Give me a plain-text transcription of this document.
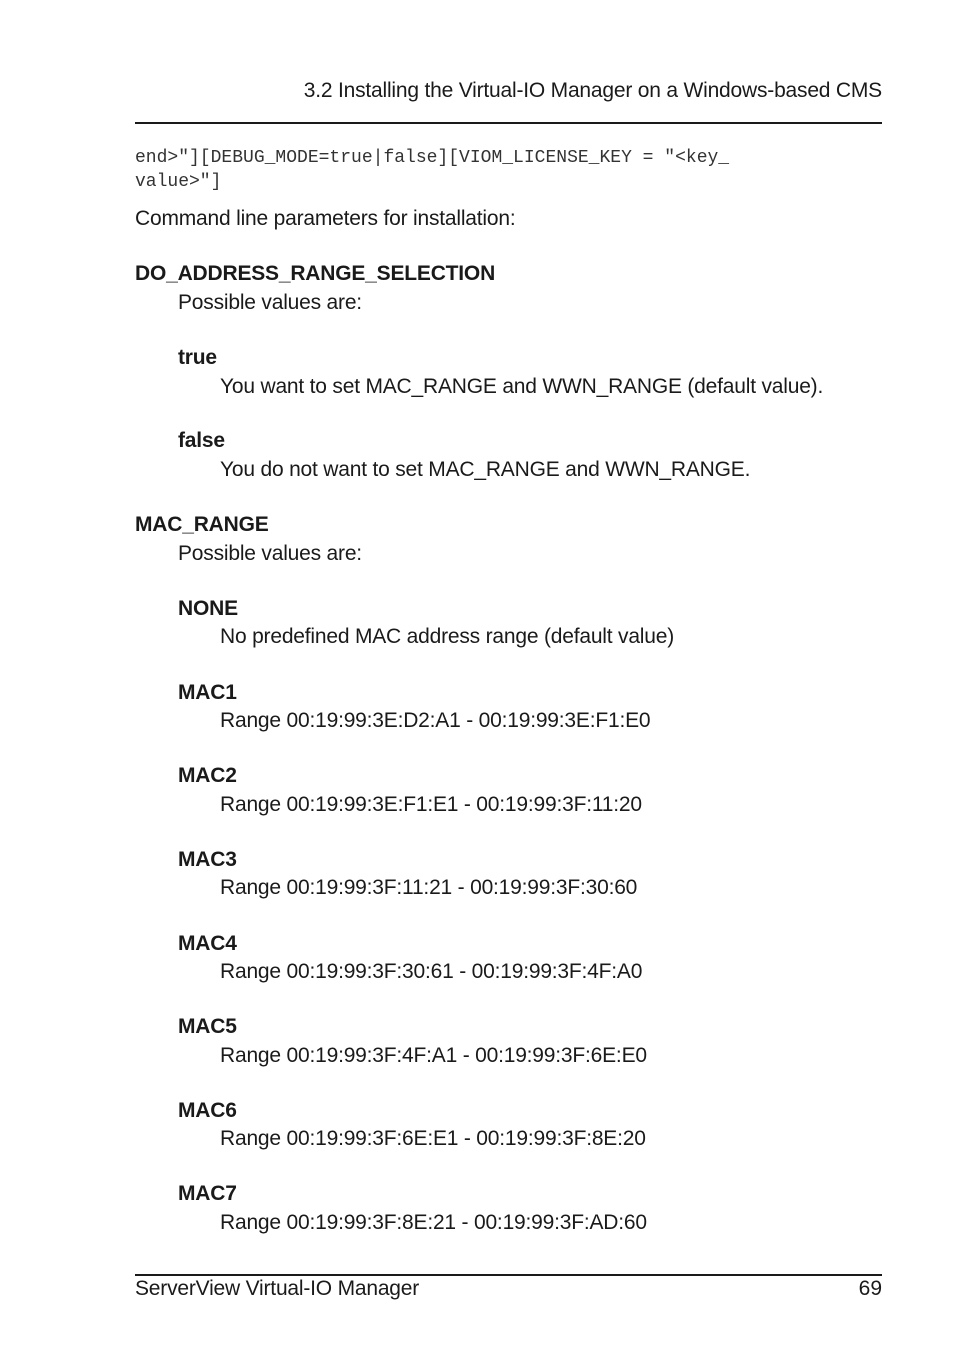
3.2 Installing the Virtual-IO Manager on a Windows-based CMS
end>"][DEBUG_MODE=true|false][VIOM_LICENSE_KEY = "<key_
value>"]
Command line parameters for installation:
DO_ADDRESS_RANGE_SELECTION
Possible values are:
true
You want to set MAC_RANGE and WWN_RANGE (default value).
false
You do not want to set MAC_RANGE and WWN_RANGE.
MAC_RANGE
Possible values are:
NONE
No predefined MAC address range (default value)
MAC1
Range 00:19:99:3E:D2:A1 - 00:19:99:3E:F1:E0
MAC2
Range 00:19:99:3E:F1:E1 - 00:19:99:3F:11:20
MAC3
Range 00:19:99:3F:11:21 - 00:19:99:3F:30:60
MAC4
Range 00:19:99:3F:30:61 - 00:19:99:3F:4F:A0
MAC5
Range 00:19:99:3F:4F:A1 - 00:19:99:3F:6E:E0
MAC6
Range 00:19:99:3F:6E:E1 - 00:19:99:3F:8E:20
MAC7
Range 00:19:99:3F:8E:21 - 00:19:99:3F:AD:60
ServerView Virtual-IO Manager	69
